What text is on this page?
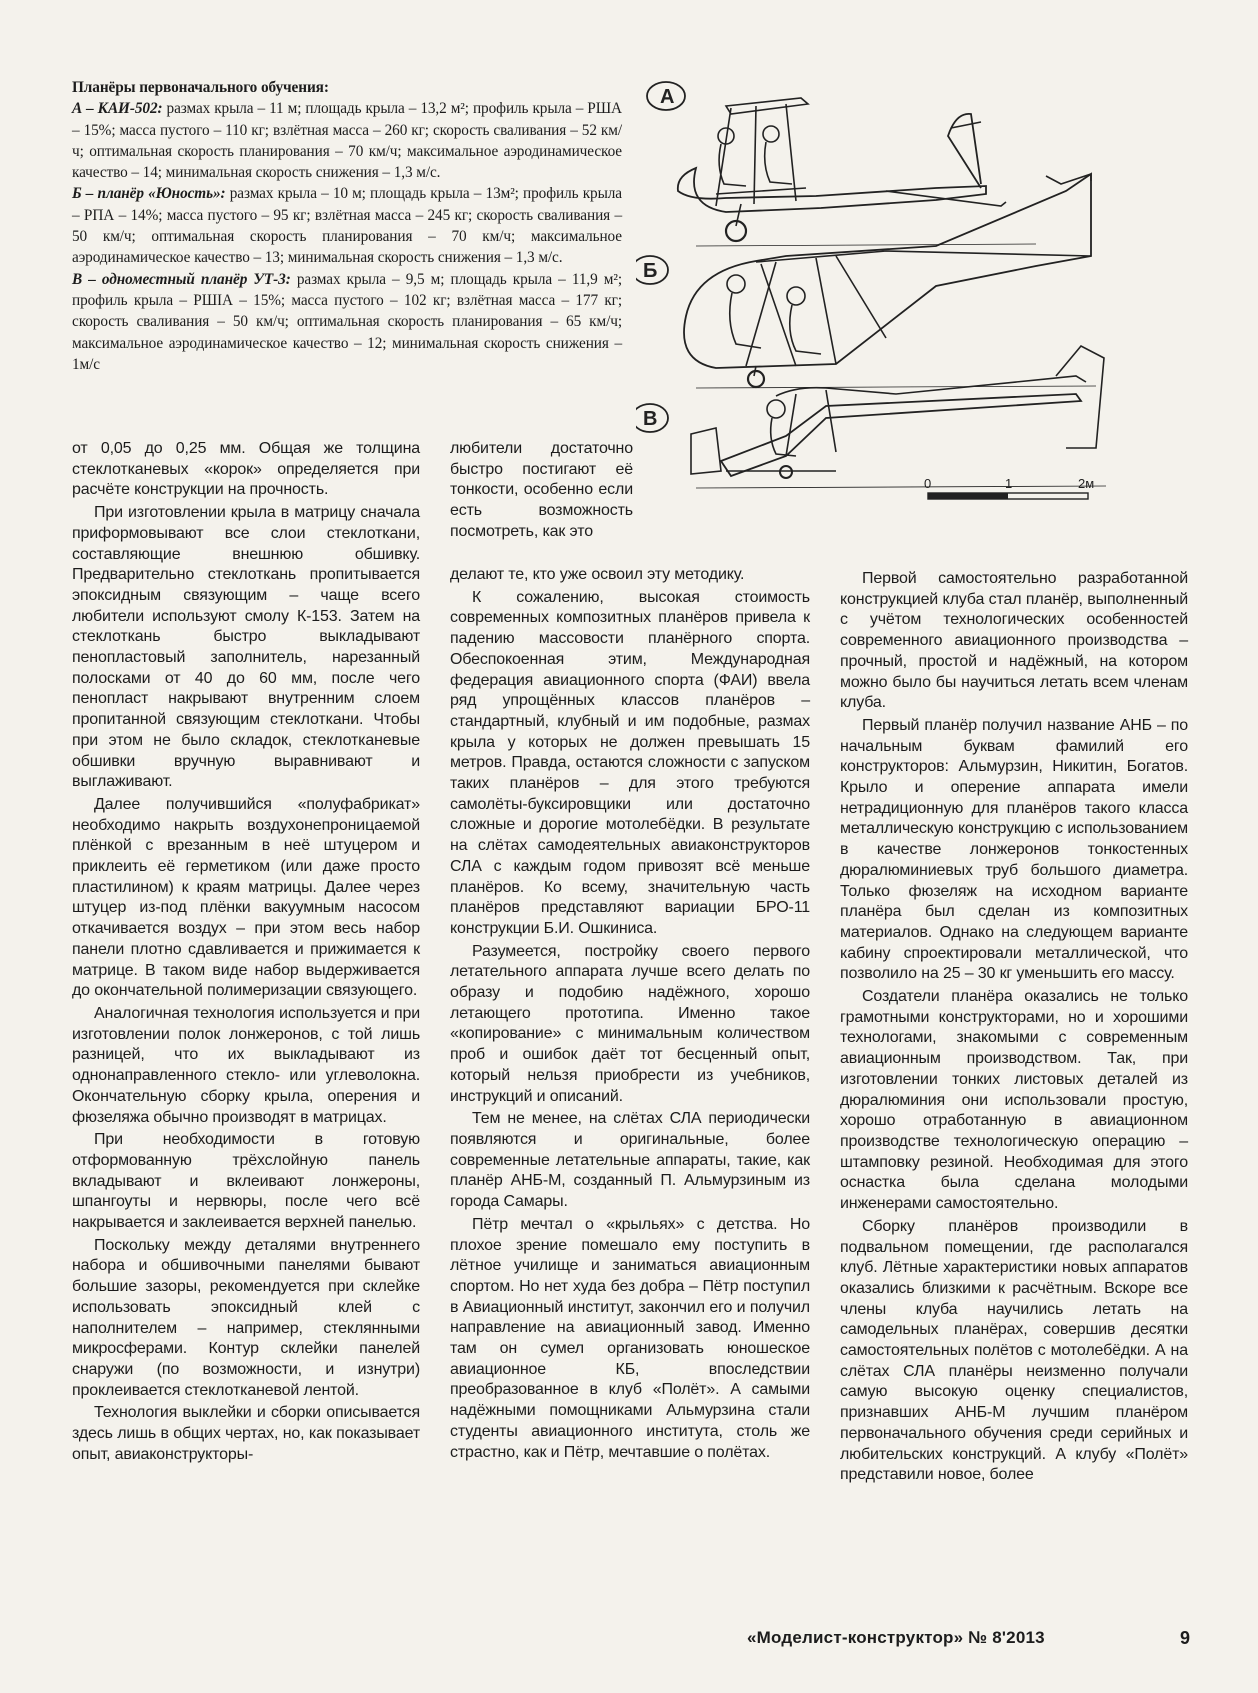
Планёры первоначального обучения:

А – КАИ-502: размах крыла – 11 м; площадь крыла – 13,2 м²; профиль крыла – РША – 15%; масса пустого – 110 кг; взлётная масса – 260 кг; скорость сваливания – 52 км/ч; оптимальная скорость планирования – 70 км/ч; максимальное аэродинамическое качество – 14; минимальная скорость снижения – 1,3 м/с.

Б – планёр «Юность»: размах крыла – 10 м; площадь крыла – 13м²; профиль крыла – РПА – 14%; масса пустого – 95 кг; взлётная масса – 245 кг; скорость сваливания – 50 км/ч; оптимальная скорость планирования – 70 км/ч; максимальное аэродинамическое качество – 13; минимальная скорость снижения – 1,3 м/с.

В – одноместный планёр УТ-3: размах крыла – 9,5 м; площадь крыла – 11,9 м²; профиль крыла – РШІА – 15%; масса пустого – 102 кг; взлётная масса – 177 кг; скорость сваливания – 50 км/ч; оптимальная скорость планирования – 65 км/ч; максимальное аэродинамическое качество – 12; минимальная скорость снижения – 1м/с

А
Б
В
0	1	2м

от 0,05 до 0,25 мм. Общая же толщина стеклотканевых «корок» определяется при расчёте конструкции на прочность.

При изготовлении крыла в матрицу сначала приформовывают все слои стеклоткани, составляющие внешнюю обшивку. Предварительно стеклоткань пропитывается эпоксидным связующим – чаще всего любители используют смолу К-153. Затем на стеклоткань быстро выкладывают пенопластовый заполнитель, нарезанный полосками от 40 до 60 мм, после чего пенопласт накрывают внутренним слоем пропитанной связующим стеклоткани. Чтобы при этом не было складок, стеклотканевые обшивки вручную выравнивают и выглаживают.

Далее получившийся «полуфабрикат» необходимо накрыть воздухонепроницаемой плёнкой с врезанным в неё штуцером и приклеить её герметиком (или даже просто пластилином) к краям матрицы. Далее через штуцер из-под плёнки вакуумным насосом откачивается воздух – при этом весь набор панели плотно сдавливается и прижимается к матрице. В таком виде набор выдерживается до окончательной полимеризации связующего.

Аналогичная технология используется и при изготовлении полок лонжеронов, с той лишь разницей, что их выкладывают из однонаправленного стекло- или углеволокна. Окончательную сборку крыла, оперения и фюзеляжа обычно производят в матрицах.

При необходимости в готовую отформованную трёхслойную панель вкладывают и вклеивают лонжероны, шпангоуты и нервюры, после чего всё накрывается и заклеивается верхней панелью.

Поскольку между деталями внутреннего набора и обшивочными панелями бывают большие зазоры, рекомендуется при склейке использовать эпоксидный клей с наполнителем – например, стеклянными микросферами. Контур склейки панелей снаружи (по возможности, и изнутри) проклеивается стеклотканевой лентой.

Технология выклейки и сборки описывается здесь лишь в общих чертах, но, как показывает опыт, авиаконструкторы-

любители достаточно быстро постигают её тонкости, особенно если есть возможность посмотреть, как это

делают те, кто уже освоил эту методику.

К сожалению, высокая стоимость современных композитных планёров привела к падению массовости планёрного спорта. Обеспокоенная этим, Международная федерация авиационного спорта (ФАИ) ввела ряд упрощённых классов планёров – стандартный, клубный и им подобные, размах крыла у которых не должен превышать 15 метров. Правда, остаются сложности с запуском таких планёров – для этого требуются самолёты-буксировщики или достаточно сложные и дорогие мотолебёдки. В результате на слётах самодеятельных авиаконструкторов СЛА с каждым годом привозят всё меньше планёров. Ко всему, значительную часть планёров представляют вариации БРО-11 конструкции Б.И. Ошкиниса.

Разумеется, постройку своего первого летательного аппарата лучше всего делать по образу и подобию надёжного, хорошо летающего прототипа. Именно такое «копирование» с минимальным количеством проб и ошибок даёт тот бесценный опыт, который нельзя приобрести из учебников, инструкций и описаний.

Тем не менее, на слётах СЛА периодически появляются и оригинальные, более современные летательные аппараты, такие, как планёр АНБ-М, созданный П. Альмурзиным из города Самары.

Пётр мечтал о «крыльях» с детства. Но плохое зрение помешало ему поступить в лётное училище и заниматься авиационным спортом. Но нет худа без добра – Пётр поступил в Авиационный институт, закончил его и получил направление на авиационный завод. Именно там он сумел организовать юношеское авиационное КБ, впоследствии преобразованное в клуб «Полёт». А самыми надёжными помощниками Альмурзина стали студенты авиационного института, столь же страстно, как и Пётр, мечтавшие о полётах.

Первой самостоятельно разработанной конструкцией клуба стал планёр, выполненный с учётом технологических особенностей современного авиационного производства – прочный, простой и надёжный, на котором можно было бы научиться летать всем членам клуба.

Первый планёр получил название АНБ – по начальным буквам фамилий его конструкторов: Альмурзин, Никитин, Богатов. Крыло и оперение аппарата имели нетрадиционную для планёров такого класса металлическую конструкцию с использованием в качестве лонжеронов тонкостенных дюралюминиевых труб большого диаметра. Только фюзеляж на исходном варианте планёра был сделан из композитных материалов. Однако на следующем варианте кабину спроектировали металлической, что позволило на 25 – 30 кг уменьшить его массу.

Создатели планёра оказались не только грамотными конструкторами, но и хорошими технологами, знакомыми с современным авиационным производством. Так, при изготовлении тонких листовых деталей из дюралюминия они использовали простую, хорошо отработанную в авиационном производстве технологическую операцию – штамповку резиной. Необходимая для этого оснастка была сделана молодыми инженерами самостоятельно.

Сборку планёров производили в подвальном помещении, где располагался клуб. Лётные характеристики новых аппаратов оказались близкими к расчётным. Вскоре все члены клуба научились летать на самодельных планёрах, совершив десятки самостоятельных полётов с мотолебёдки. А на слётах СЛА планёры неизменно получали самую высокую оценку специалистов, признавших АНБ-М лучшим планёром первоначального обучения среди серийных и любительских конструкций. А клубу «Полёт» представили новое, более

«Моделист-конструктор» № 8'2013	9
